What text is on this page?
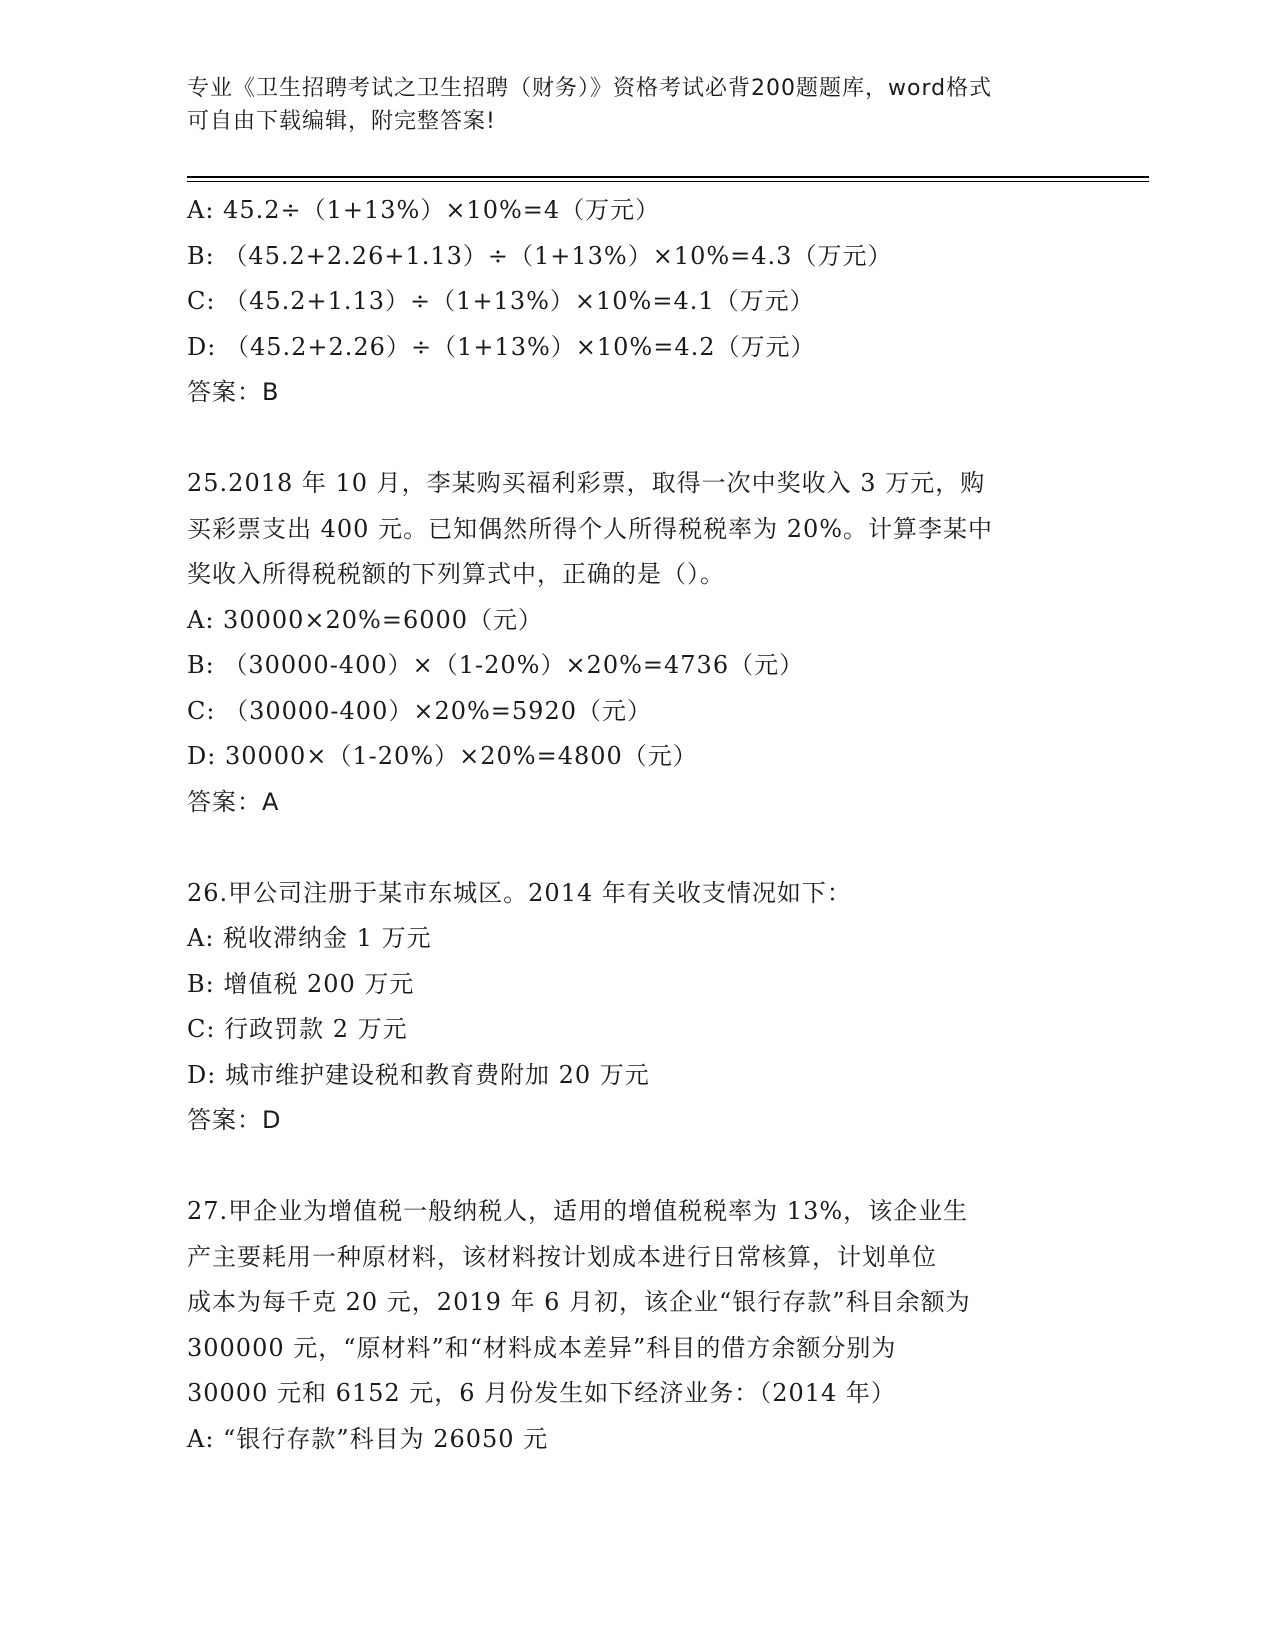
专业《卫生招聘考试之卫生招聘（财务）》资格考试必背200题题库，word格式
可自由下载编辑，附完整答案!
A: 45.2÷（1+13%）×10%=4（万元）
B: （45.2+2.26+1.13）÷（1+13%）×10%=4.3（万元）
C: （45.2+1.13）÷（1+13%）×10%=4.1（万元）
D: （45.2+2.26）÷（1+13%）×10%=4.2（万元）
答案：B
25.2018 年 10 月，李某购买福利彩票，取得一次中奖收入 3 万元，购
买彩票支出 400 元。已知偶然所得个人所得税税率为 20%。计算李某中
奖收入所得税税额的下列算式中，正确的是（）。
A: 30000×20%=6000（元）
B: （30000-400）×（1-20%）×20%=4736（元）
C: （30000-400）×20%=5920（元）
D: 30000×（1-20%）×20%=4800（元）
答案：A
26.甲公司注册于某市东城区。2014 年有关收支情况如下：
A: 税收滞纳金 1 万元
B: 增值税 200 万元
C: 行政罚款 2 万元
D: 城市维护建设税和教育费附加 20 万元
答案：D
27.甲企业为增值税一般纳税人，适用的增值税税率为 13%，该企业生
产主要耗用一种原材料，该材料按计划成本进行日常核算，计划单位
成本为每千克 20 元，2019 年 6 月初，该企业“银行存款”科目余额为
300000 元，“原材料”和“材料成本差异”科目的借方余额分别为
30000 元和 6152 元，6 月份发生如下经济业务：（2014 年）
A: “银行存款”科目为 26050 元
